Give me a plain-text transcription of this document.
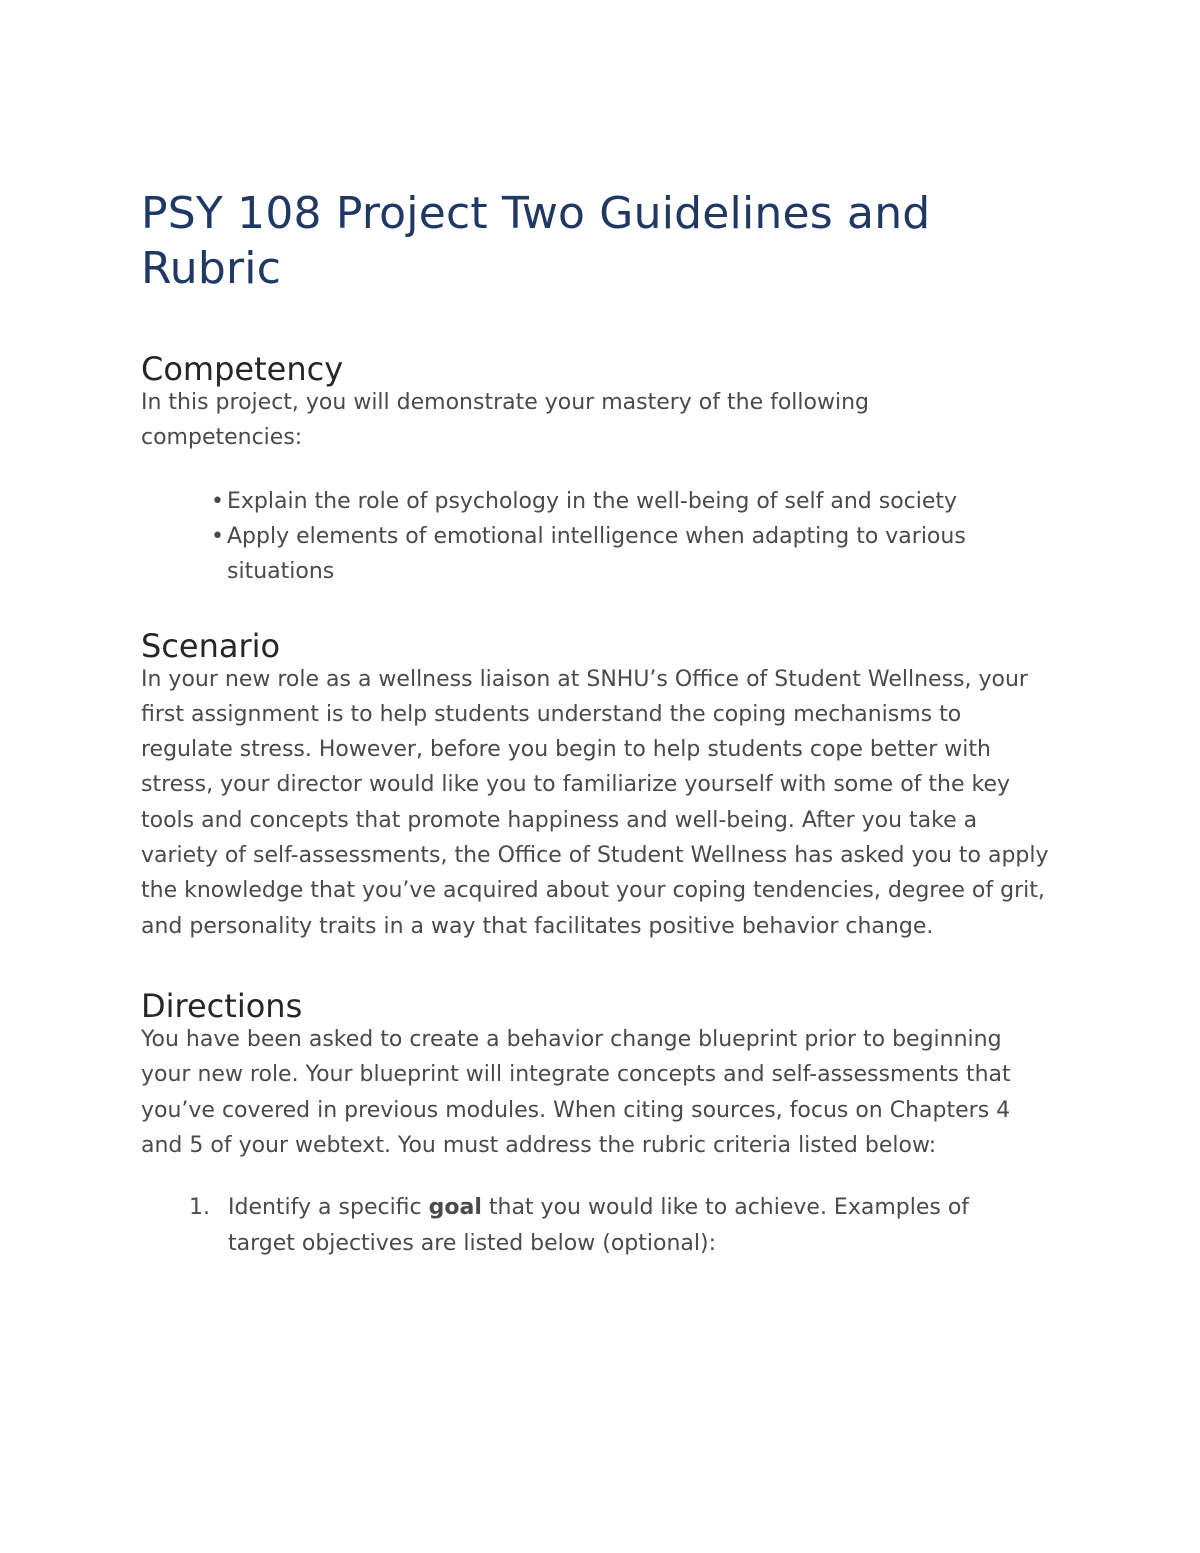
PSY 108 Project Two Guidelines and Rubric
Competency

In this project, you will demonstrate your mastery of the following competencies:

• Explain the role of psychology in the well-being of self and society
• Apply elements of emotional intelligence when adapting to various situations
Scenario

In your new role as a wellness liaison at SNHU’s Office of Student Wellness, your first assignment is to help students understand the coping mechanisms to regulate stress. However, before you begin to help students cope better with stress, your director would like you to familiarize yourself with some of the key tools and concepts that promote happiness and well-being. After you take a variety of self-assessments, the Office of Student Wellness has asked you to apply the knowledge that you’ve acquired about your coping tendencies, degree of grit, and personality traits in a way that facilitates positive behavior change.

Directions

You have been asked to create a behavior change blueprint prior to beginning your new role. Your blueprint will integrate concepts and self-assessments that you’ve covered in previous modules. When citing sources, focus on Chapters 4 and 5 of your webtext. You must address the rubric criteria listed below:

1. Identify a specific goal that you would like to achieve. Examples of target objectives are listed below (optional):
